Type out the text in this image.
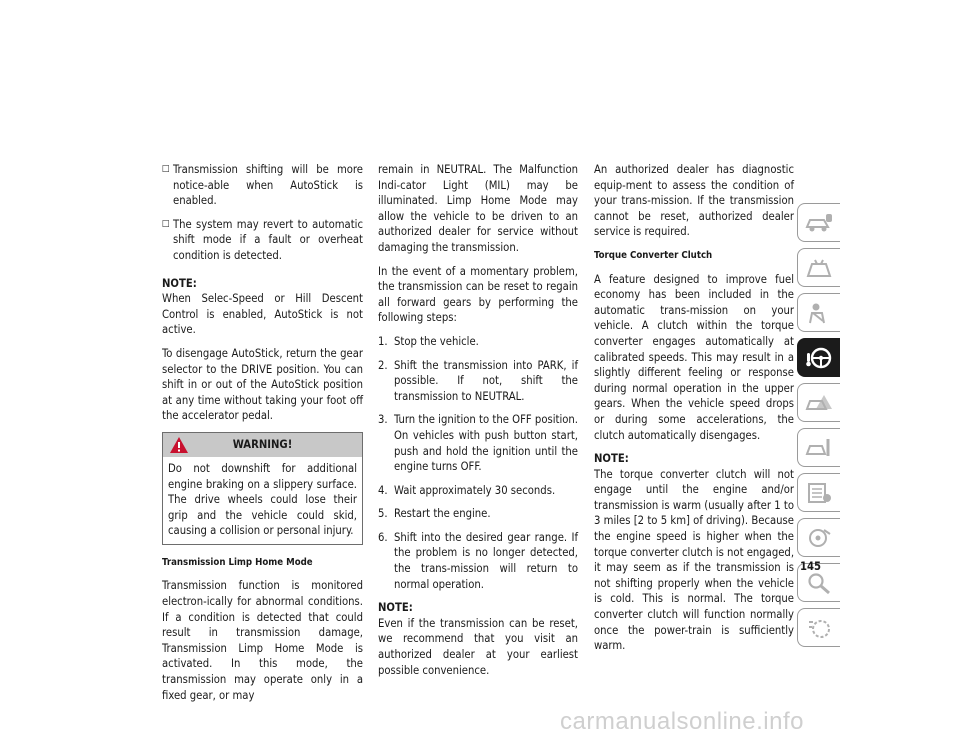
□ Transmission shifting will be more notice-able when AutoStick is enabled.
□ The system may revert to automatic shift mode if a fault or overheat condition is detected.

NOTE:
When Selec-Speed or Hill Descent Control is enabled, AutoStick is not active.

To disengage AutoStick, return the gear selector to the DRIVE position. You can shift in or out of the AutoStick position at any time without taking your foot off the accelerator pedal.

WARNING!
Do not downshift for additional engine braking on a slippery surface. The drive wheels could lose their grip and the vehicle could skid, causing a collision or personal injury.
Transmission Limp Home Mode

Transmission function is monitored electron-ically for abnormal conditions. If a condition is detected that could result in transmission damage, Transmission Limp Home Mode is activated. In this mode, the transmission may operate only in a fixed gear, or may

remain in NEUTRAL. The Malfunction Indi-cator Light (MIL) may be illuminated. Limp Home Mode may allow the vehicle to be driven to an authorized dealer for service without damaging the transmission.

In the event of a momentary problem, the transmission can be reset to regain all forward gears by performing the following steps:

1. Stop the vehicle.
2. Shift the transmission into PARK, if possible. If not, shift the transmission to NEUTRAL.
3. Turn the ignition to the OFF position. On vehicles with push button start, push and hold the ignition until the engine turns OFF.
4. Wait approximately 30 seconds.
5. Restart the engine.
6. Shift into the desired gear range. If the problem is no longer detected, the trans-mission will return to normal operation.

NOTE:
Even if the transmission can be reset, we recommend that you visit an authorized dealer at your earliest possible convenience.

An authorized dealer has diagnostic equip-ment to assess the condition of your trans-mission. If the transmission cannot be reset, authorized dealer service is required.

Torque Converter Clutch

A feature designed to improve fuel economy has been included in the automatic trans-mission on your vehicle. A clutch within the torque converter engages automatically at calibrated speeds. This may result in a slightly different feeling or response during normal operation in the upper gears. When the vehicle speed drops or during some accelerations, the clutch automatically disengages.

NOTE:
The torque converter clutch will not engage until the engine and/or transmission is warm (usually after 1 to 3 miles [2 to 5 km] of driving). Because the engine speed is higher when the torque converter clutch is not engaged, it may seem as if the transmission is not shifting properly when the vehicle is cold. This is normal. The torque converter clutch will function normally once the power-train is sufficiently warm.

145
carmanualsonline.info
